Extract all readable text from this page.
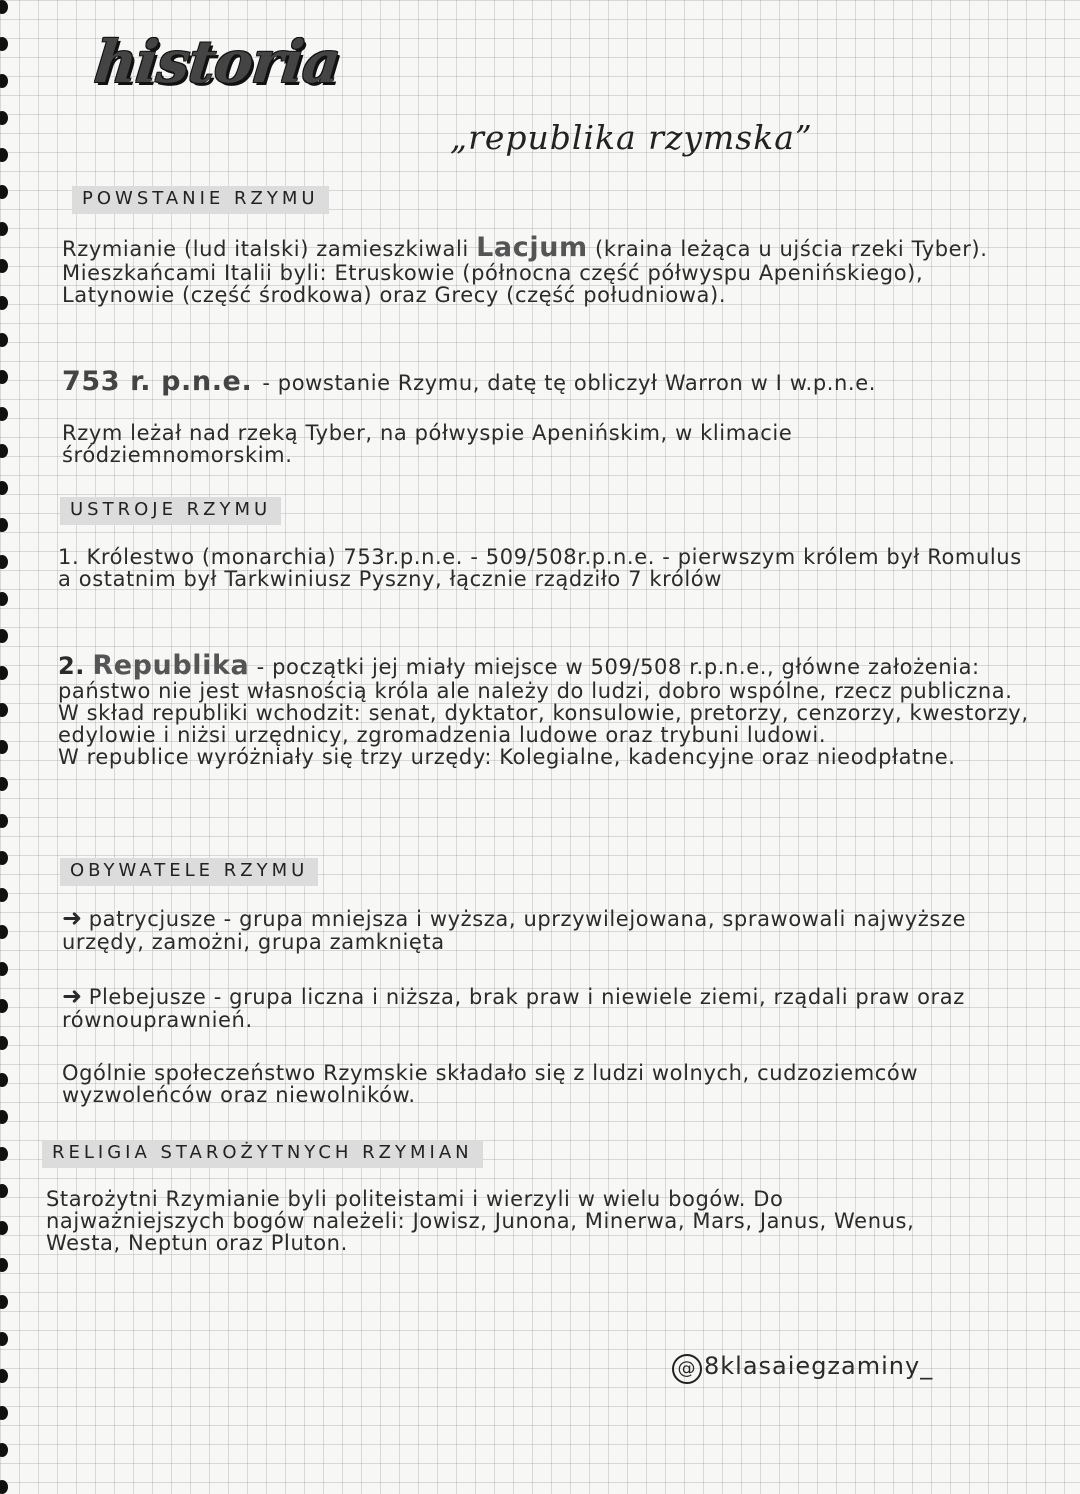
historia
„republika rzymska”
POWSTANIE RZYMU

Rzymianie (lud italski) zamieszkiwali Lacjum (kraina leżąca u ujścia rzeki Tyber). Mieszkańcami Italii byli: Etruskowie (północna część półwyspu Apenińskiego), Latynowie (część środkowa) oraz Grecy (część południowa).

753 r. p.n.e. - powstanie Rzymu, datę tę obliczył Warron w I w.p.n.e.

Rzym leżał nad rzeką Tyber, na półwyspie Apenińskim, w klimacie śródziemnomorskim.
USTROJE RZYMU
1. Królestwo (monarchia) 753r.p.n.e. - 509/508r.p.n.e. - pierwszym królem był Romulus a ostatnim był Tarkwiniusz Pyszny, łącznie rządziło 7 królów

2. Republika - początki jej miały miejsce w 509/508 r.p.n.e., główne założenia: państwo nie jest własnością króla ale należy do ludzi, dobro wspólne, rzecz publiczna. W skład republiki wchodzit: senat, dyktator, konsulowie, pretorzy, cenzorzy, kwestorzy, edylowie i niżsi urzędnicy, zgromadzenia ludowe oraz trybuni ludowi.

W republice wyróżniały się trzy urzędy: Kolegialne, kadencyjne oraz nieodpłatne.

OBYWATELE RZYMU

➜ patrycjusze - grupa mniejsza i wyższa, uprzywilejowana, sprawowali najwyższe urzędy, zamożni, grupa zamknięta

➜ Plebejusze - grupa liczna i niższa, brak praw i niewiele ziemi, rządali praw oraz równouprawnień.

Ogólnie społeczeństwo Rzymskie składało się z ludzi wolnych, cudzoziemców wyzwoleńców oraz niewolników.
RELIGIA STAROŻYTNYCH RZYMIAN
Starożytni Rzymianie byli politeistami i wierzyli w wielu bogów. Do najważniejszych bogów należeli: Jowisz, Junona, Minerwa, Mars, Janus, Wenus, Westa, Neptun oraz Pluton.
@ 8klasaiegzaminy_
